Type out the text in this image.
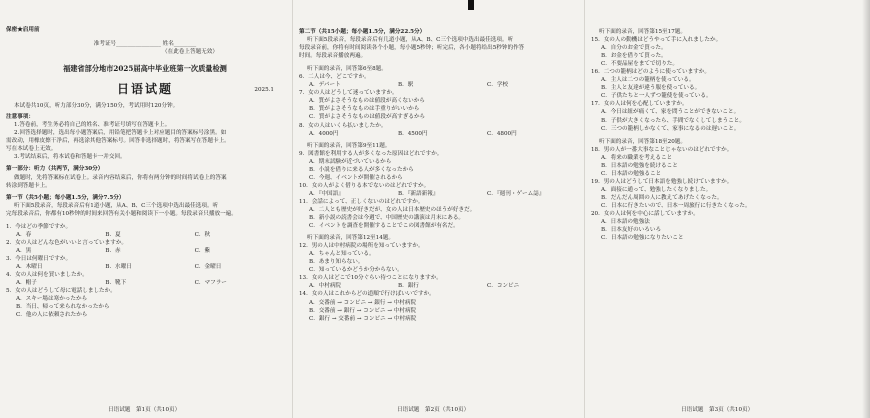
保密★启用前
准考证号________________ 姓名________
（在此卷上答题无效）
福建省部分地市2025届高中毕业班第一次质量检测
日语试题	2025.1
本试卷共10页，听力部分30分，满分150分，考试用时120分钟。
注意事项：
1.答卷前，考生务必将自己的姓名、准考证号填写在答题卡上。
2.回答选择题时，选出每小题答案后，用铅笔把答题卡上对应题目的答案标号涂黑。如
需改动，用橡皮擦干净后，再选涂其他答案标号。回答非选择题时，将答案写在答题卡上。
写在本试卷上无效。
3.考试结束后，将本试卷和答题卡一并交回。
第一部分：听力（共两节，满分30分）
做题时，先将答案标在试卷上。录音内容结束后，你将有两分钟的时间将试卷上的答案
转涂到答题卡上。
第一节（共5小题；每小题1.5分，满分7.5分）
听下面5段录音，每段录音后有1道小题，从A、B、C三个选项中选出最佳选项。听
完每段录音后，你都有10秒钟的时间来回答有关小题和阅读下一小题。每段录音只播放一遍。
1．今はどの季節ですか。
A．春	B．夏	C．秋
2．女の人はどんな色がいいと言っていますか。
A．黒	B．赤	C．紫
3．今日は何曜日ですか。
A．木曜日	B．水曜日	C．金曜日
4．女の人は何を買いましたか。
A．帽子	B．靴下	C．マフラー
5．女の人はどうして母に電話しましたか。
A．スキー場は寒かったから
B．当日、帰って来られなかったから
C．他の人に依頼されたから
日语试题　第1页（共10页）
第二节（共15小题；每小题1.5分，满分22.5分）
听下面5段录音，每段录音后有几道小题，从A、B、C三个选项中选出最佳选项。听
每段录音前，你将有时间阅读各个小题，每小题5秒钟；听完后，各小题将给出5秒钟的作答
时间。每段录音播放两遍。
听下面的录音，回答第6至8题。
6．二人は今、どこですか。
A．デパート	B．駅	C．学校
7．女の人はどうして迷っていますか。
A．質がよさそうなものは値段が高くないから
B．質がよさそうなものは手重りがいいから
C．質がよさそうなものは値段が高すぎるから
8．女の人はいくら払いましたか。
A．4000円	B．4500円	C．4800円
听下面的录音，回答第9至11题。
9．図書館を利用する人が多くなった原因はどれですか。
A．期末試験が近づいているから
B．小説を借りに来る人が多くなったから
C．今週、イベントが開催されるから
10．女の人がよく借りる本でないのはどれですか。
A．『中国語』	B．『新語新報』	C．『週刊・ゲーム誌』
11．会話によって、正しくないのはどれですか。
A．二人とも歴史が好きだが、女の人は日本歴史のほうが好きだ。
B．新小説の読書会は今週で、中国歴史の講演は月末にある。
C．イベントを調査を開催することでこの図書館が有名だ。
听下面的录音，回答第12至14题。
12．男の人は中村病院の場所を知っていますか。
A．ちゃんと知っている。
B．あまり知らない。
C．知っているかどうか分からない。
13．女の人はどこで10分ぐらい待つことになりますか。
A．中村病院	B．銀行	C．コンビニ
14．女の人はこれからどの道順で行けばいいですか。
A．交番前 → コンビニ → 銀行 → 中村病院
B．交番前 → 銀行 → コンビニ → 中村病院
C．銀行 → 交番前 → コンビニ → 中村病院
日语试题　第2页（共10页）
听下面的录音，回答第15至17题。
15．女の人の動機はどうやって手に入れましたか。
A．自分のお金で買った。
B．お金を借りて買った。
C．不要品屋をまてで切りた。
16．二つの籠柄はどのように使っていますか。
A．主人は二つの籠柄を使っている。
B．主人と友達が違う服を使っている。
C．子供たちと一人ずつ籠使を使っている。
17．女の人は何を心配していますか。
A．今日は紐が痛くて、家を問うことができないこと。
B．子供が大きくなったら、手間でなくしてしまうこと。
C．三つの籠柄しかなくて、家事になるのは遅いこと。
听下面的录音，回答第18至20题。
18．男の人が一番大事なことじゃないのはどれですか。
A．将来の職業を考えること
B．日本語の勉強を続けること
C．日本語の勉強ること
19．男の人はどうして日本語を勉強し続けていますか。
A．面接に通って、勉強したくなりました。
B．だんだん周囲の人に教えてあげたくなった。
C．日本に行きたいので、日本一周旅行に行きたくなった。
20．女の人は何を中心に話していますか。
A．日本語の勉強法
B．日本友好のいろいろ
C．日本語の勉強になりたいこと
日语试题　第3页（共10页）
